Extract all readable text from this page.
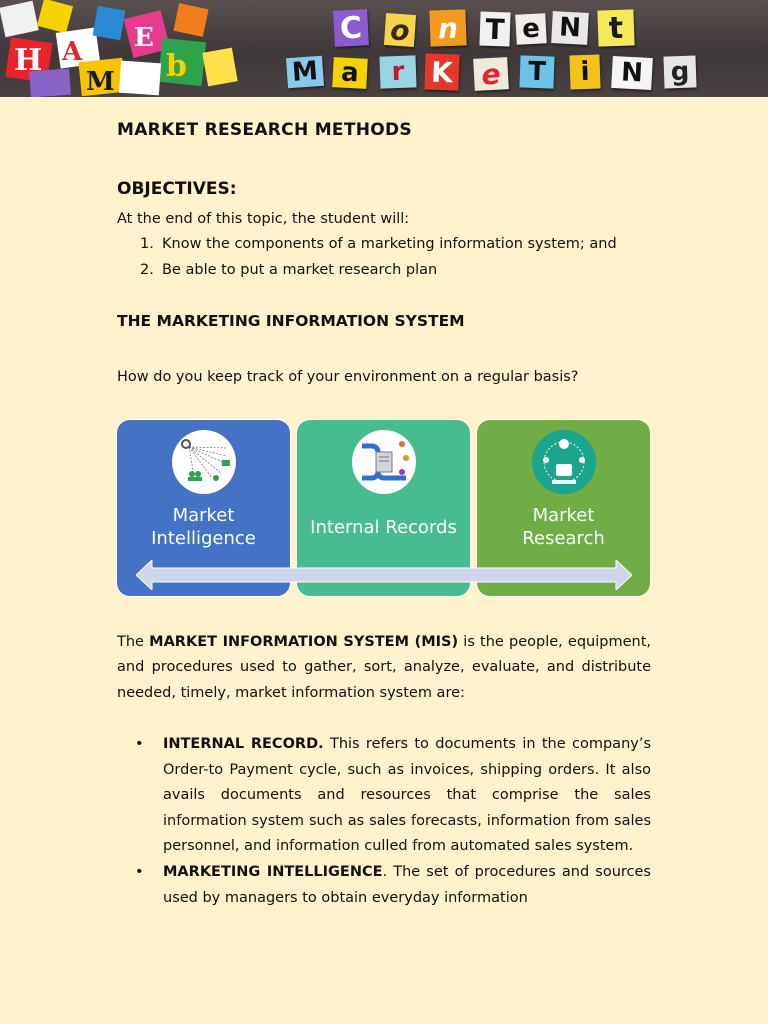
H A E
b
M
C o n T e N t
M a r K e T i N g
MARKET RESEARCH METHODS
OBJECTIVES:
At the end of this topic, the student will:
1. Know the components of a marketing information system; and
2. Be able to put a market research plan
THE MARKETING INFORMATION SYSTEM
How do you keep track of your environment on a regular basis?
Market
Intelligence
Internal Records
Market
Research
The MARKET INFORMATION SYSTEM (MIS) is the people, equipment, and procedures used to gather, sort, analyze, evaluate, and distribute needed, timely, market information system are:
• INTERNAL RECORD. This refers to documents in the company’s Order-to Payment cycle, such as invoices, shipping orders. It also avails documents and resources that comprise the sales information system such as sales forecasts, information from sales personnel, and information culled from automated sales system.
• MARKETING INTELLIGENCE. The set of procedures and sources used by managers to obtain everyday information
